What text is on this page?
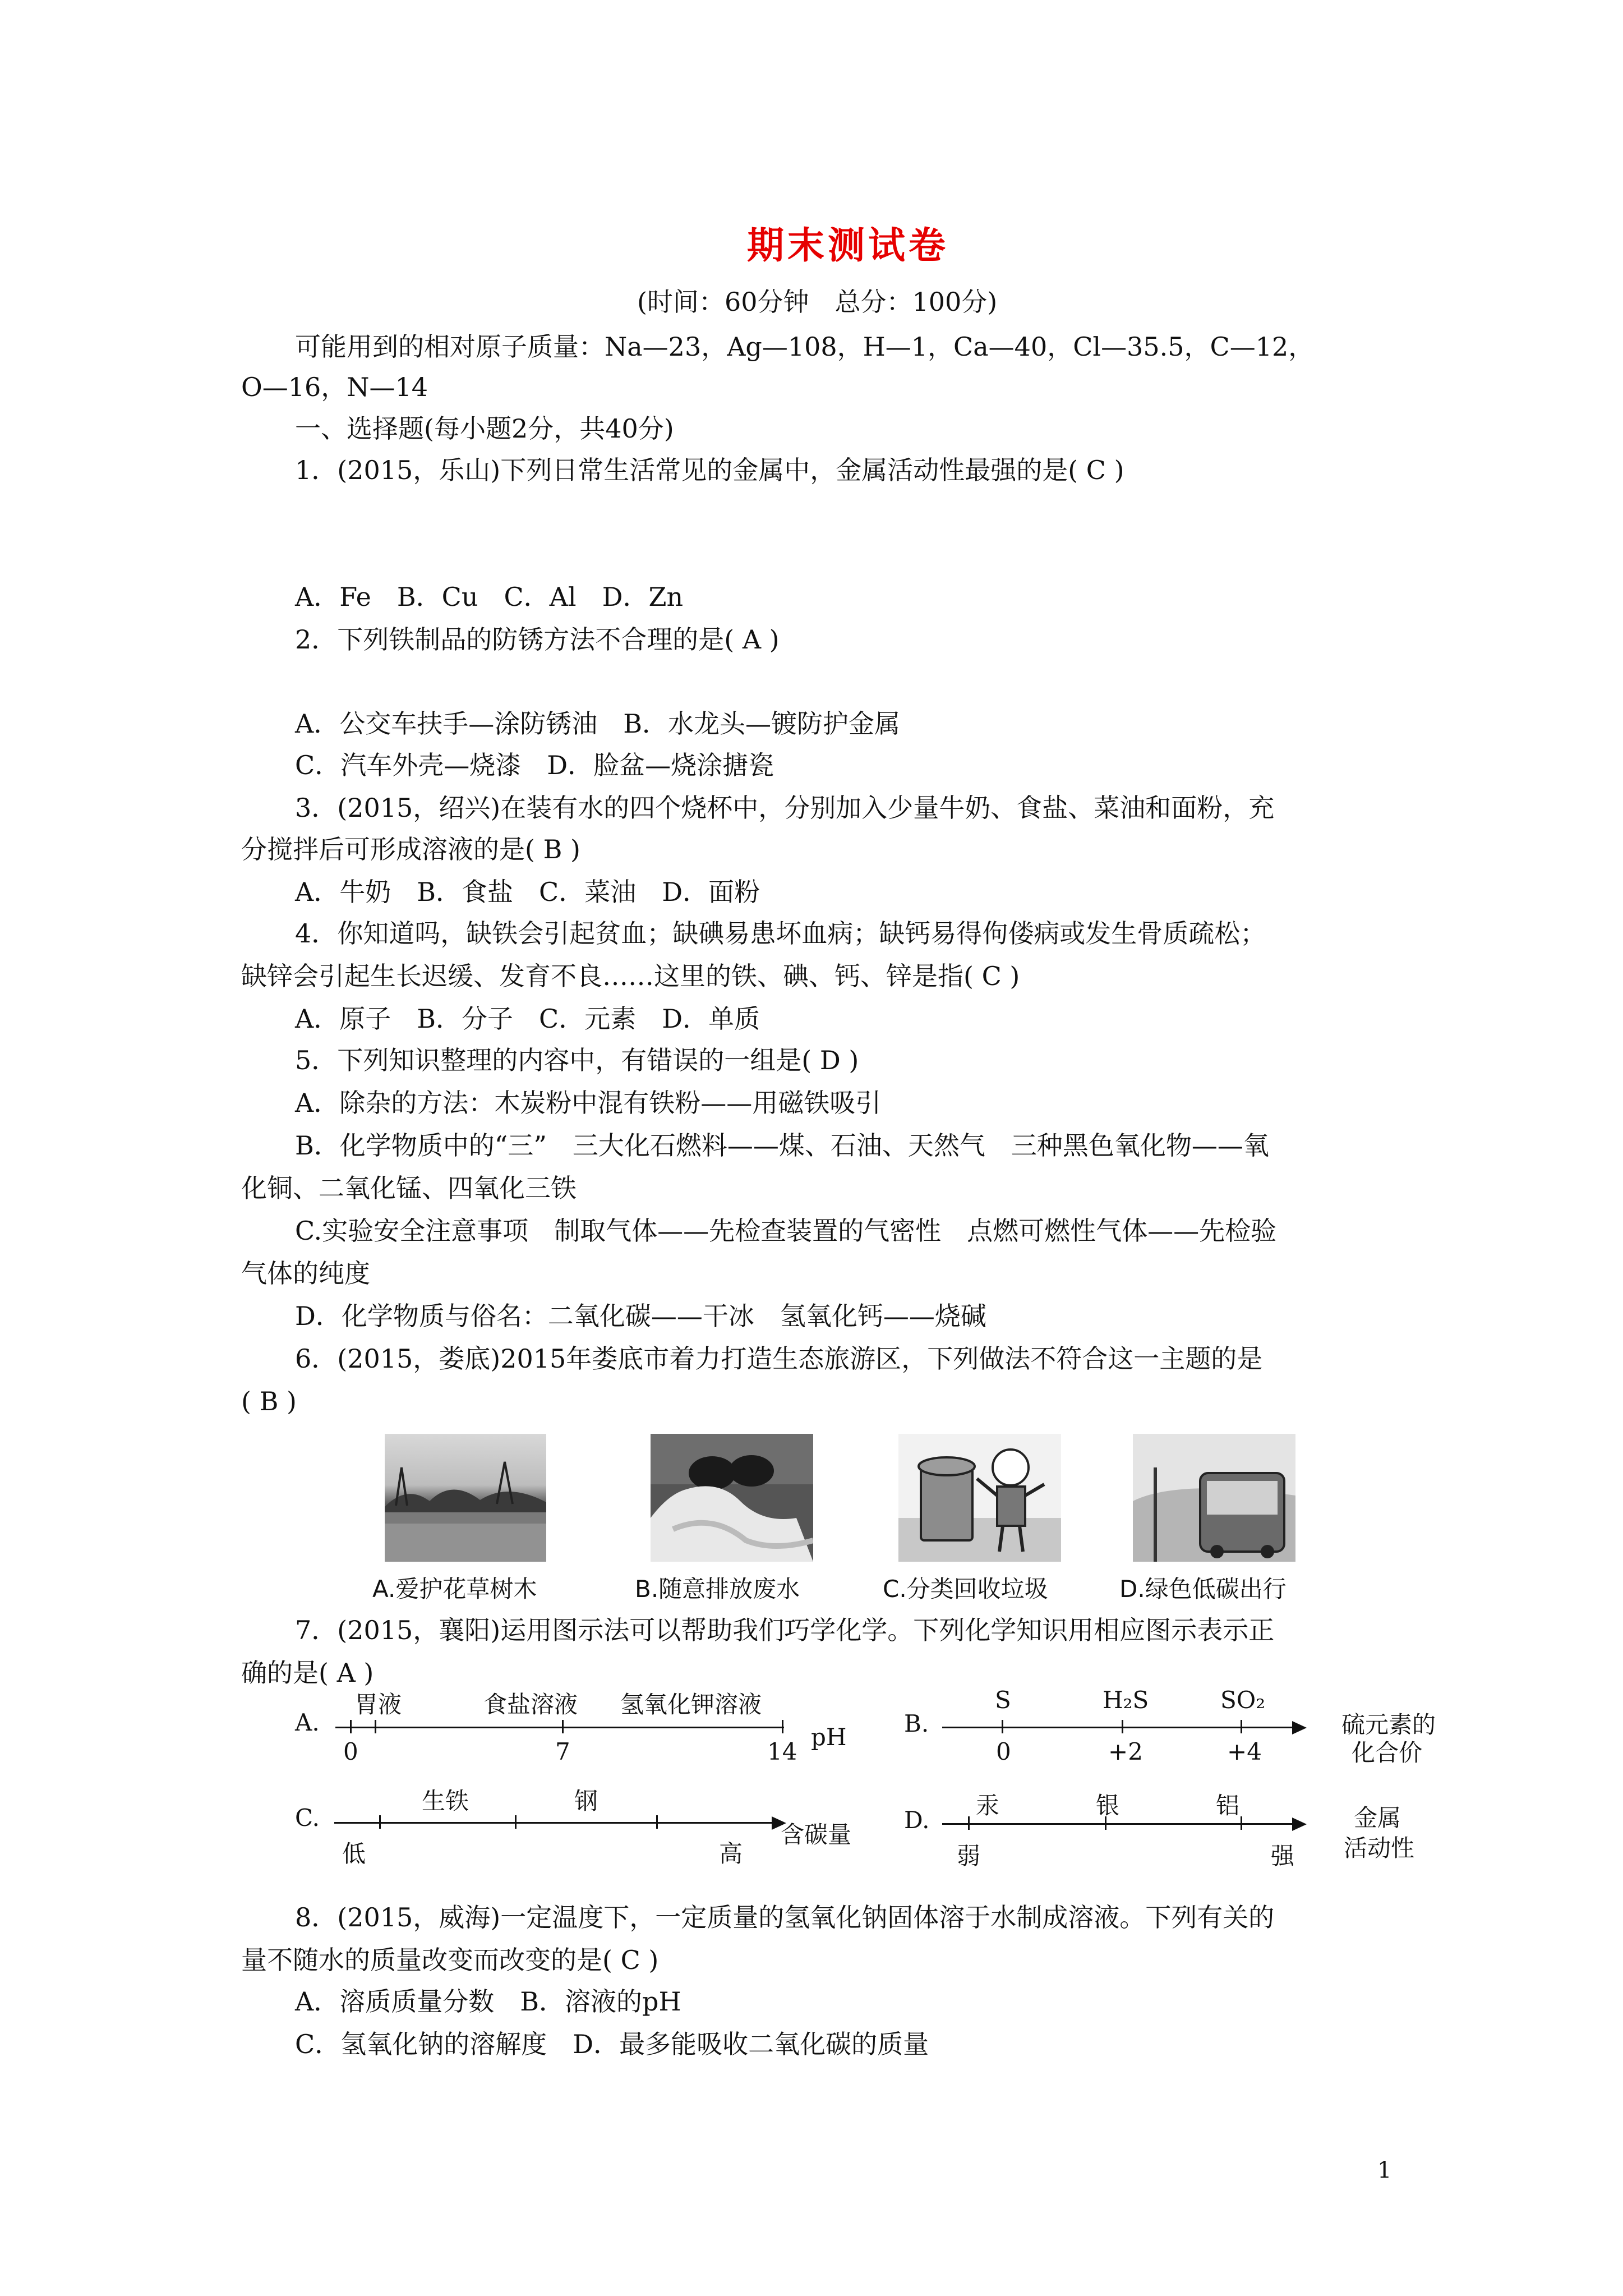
期末测试卷
(时间：60分钟　总分：100分)
可能用到的相对原子质量：Na—23，Ag—108，H—1，Ca—40，Cl—35.5，C—12，
O—16，N—14
一、选择题(每小题2分，共40分)
1．(2015，乐山)下列日常生活常见的金属中，金属活动性最强的是( C )
A．Fe　B．Cu　C．Al　D．Zn
2．下列铁制品的防锈方法不合理的是( A )
A．公交车扶手—涂防锈油　B．水龙头—镀防护金属
C．汽车外壳—烧漆　D．脸盆—烧涂搪瓷
3．(2015，绍兴)在装有水的四个烧杯中，分别加入少量牛奶、食盐、菜油和面粉，充
分搅拌后可形成溶液的是( B )
A．牛奶　B．食盐　C．菜油　D．面粉
4．你知道吗，缺铁会引起贫血；缺碘易患坏血病；缺钙易得佝偻病或发生骨质疏松；
缺锌会引起生长迟缓、发育不良……这里的铁、碘、钙、锌是指( C )
A．原子　B．分子　C．元素　D．单质
5．下列知识整理的内容中，有错误的一组是( D )
A．除杂的方法：木炭粉中混有铁粉——用磁铁吸引
B．化学物质中的“三”　三大化石燃料——煤、石油、天然气　三种黑色氧化物——氧
化铜、二氧化锰、四氧化三铁
C.实验安全注意事项　制取气体——先检查装置的气密性　点燃可燃性气体——先检验
气体的纯度
D．化学物质与俗名：二氧化碳——干冰　氢氧化钙——烧碱
6．(2015，娄底)2015年娄底市着力打造生态旅游区，下列做法不符合这一主题的是
( B )
A.爱护花草树木	B.随意排放废水	C.分类回收垃圾	D.绿色低碳出行
7．(2015，襄阳)运用图示法可以帮助我们巧学化学。下列化学知识用相应图示表示正
确的是( A )
A.
胃液	食盐溶液 氢氧化钾溶液
0	7	14
pH B.
S	H₂S	SO₂
0	+2	+4
硫元素的
化合价
C.
生铁	钢
低	高
含碳量
D.
汞	银	铝
弱	强
金属
活动性
8．(2015，威海)一定温度下，一定质量的氢氧化钠固体溶于水制成溶液。下列有关的
量不随水的质量改变而改变的是( C )
A．溶质质量分数　B．溶液的pH
C．氢氧化钠的溶解度　D．最多能吸收二氧化碳的质量
1
